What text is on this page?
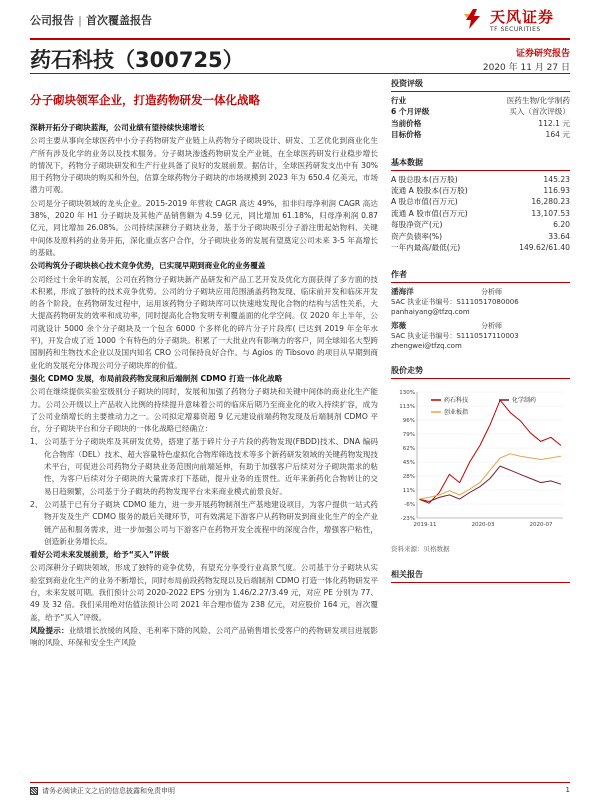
公司报告 | 首次覆盖报告	天风证券
TF SECURITIES
药石科技（300725）	证券研究报告
2020 年 11 月 27 日
分子砌块领军企业，打造药物研发一体化战略

深耕开拓分子砌块蓝海，公司业绩有望持续快速增长

公司主要从事向全球医药中小分子药物研发产业链上从药物分子砌块设计、研发、工艺优化到商业化生产所有涉及化学的业务以及技术服务。分子砌块渗透药物研发全产业链，在全球医药研发行业稳步增长的情况下，药物分子砌块研发和生产行业具备了良好的发展前景。据估计，全球医药研发支出中有 30%用于药物分子砌块的购买和外包，估算全球药物分子砌块的市场规模到 2023 年为 650.4 亿美元，市场潜力可观。

公司是分子砌块领域的龙头企业。2015-2019 年营收 CAGR 高达 49%，扣非归母净利润 CAGR 高达 38%，2020 年 H1 分子砌块及其他产品销售额为 4.59 亿元，同比增加 61.18%，归母净利润 0.87 亿元，同比增加 26.08%。公司持续深耕分子砌块业务，基于分子砌块吸引分子游注册起始物料、关键中间体及原料药的业务开拓，深化重点客户合作，分子砌块业务的发展有望奠定公司未来 3-5 年高增长的基础。

公司构筑分子砌块核心技术竞争优势，已实现早期到商业化的业务覆盖

公司经过十余年的发展，公司在药物分子砌块新产品研发和产品工艺开发及优化方面获得了多方面的技术积累，形成了独特的技术竞争优势。公司的分子砌块应用范围涵盖药物发现、临床前开发和临床开发的各个阶段。在药物研发过程中，运用该药物分子砌块库可以快速地发现化合物的结构与活性关系，大大提高药物研发的效率和成功率，同时提高化合物发明专利覆盖面的化学空间。仅 2020 年上半年，公司就设计 5000 余个分子砌块及一个包含 6000 个多样化的碎片分子片段库( 已达到 2019 年全年水平)，开发合成了近 1000 个有特色的分子砌块。积累了一大批业内有影响力的客户，同全球知名大型跨国制药和生物技术企业以及国内知名 CRO 公司保持良好合作。与 Agios 的 Tibsovo 的项目从早期到商业化的发展充分体现公司分子砌块库的价值。

强化 CDMO 发展，布局前段药物发现和后端制剂 CDMO 打造一体化战略

公司在继续提供实验室级别分子砌块的同时，发展和加强了药物分子砌块和关键中间体的商业化生产能力。公司公开级以上产品收入比例的持续提升意味着公司的临床后期乃至商业化的收入持续扩容，成为了公司业绩增长的主要推动力之一。公司拟定增募资超 9 亿元建设前端药物发现及后端制剂 CDMO 平台，分子砌块平台和分子砌块的一体化战略已经确立：

1、 公司基于分子砌块库及其研发优势，搭建了基于碎片分子片段的药物发现(FBDD)技术、DNA 编码化合物库（DEL）技术、超大容量特色虚拟化合物库筛选技术等多个新药研发领域的关键药物发现技术平台，可促进公司药物分子砌块业务范围向前端延伸，有助于加强客户后续对分子砌块需求的粘性，为客户后续对分子砌块的大量需求打下基础，提升业务的连贯性。近年来新药化合物转让的交易日趋频繁，公司基于分子砌块的药物发现平台未来商业模式前景良好。

2、 公司基于已有分子砌块 CDMO 能力，进一步开展药物制剂生产基地建设项目，为客户提供一站式药物开发及生产 CDMO 服务的最后关键环节，可有效满足下游客户从药物研发到商业化生产的全产业链产品和服务需求，进一步加强公司与下游客户在药物开发全流程中的深度合作，增强客户粘性，创造新业务增长点。

看好公司未来发展前景，给予“买入”评级

公司深耕分子砌块领域，形成了独特的竞争优势，有望充分享受行业高景气度。公司基于分子砌块从实验室到商业化生产的业务不断增长，同时布局前段药物发现以及后端制剂 CDMO 打造一体化药物研发平台，未来发展可期。我们预计公司 2020-2022 EPS 分别为 1.46/2.27/3.49 元，对应 PE 分别为 77、49 及 32 倍。我们采用绝对估值法预计公司 2021 年合理市值为 238 亿元，对应股价 164 元，首次覆盖，给予“买入”评级。

风险提示：业绩增长放缓的风险、毛利率下降的风险、公司产品销售增长受客户的药物研发项目进展影响的风险、环保和安全生产风险

投资评级
行业	医药生物/化学制药
6 个月评级	买入（首次评级）
当前价格	112.1 元
目标价格	164 元
基本数据
A 股总股本(百万股)	145.23
流通 A 股股本(百万股)	116.93
A 股总市值(百万元)	16,280.23
流通 A 股市值(百万元)	13,107.53
每股净资产(元)	6.20
资产负债率(%)	33.64
一年内最高/最低(元)	149.62/61.40
作者
潘海洋	分析师
SAC 执业证书编号：S1110517080006
panhaiyang@tfzq.com
郑薇	分析师
SAC 执业证书编号：S1110517110003
zhengwei@tfzq.com
股价走势
-23%
-6%
11%
28%
45%
62%
79%
96%
113%
130%
2019-11	2020-03	2020-07
药石科技	化学制药
创业板指
资料来源：贝格数据
相关报告
请务必阅读正文之后的信息披露和免责申明	1
